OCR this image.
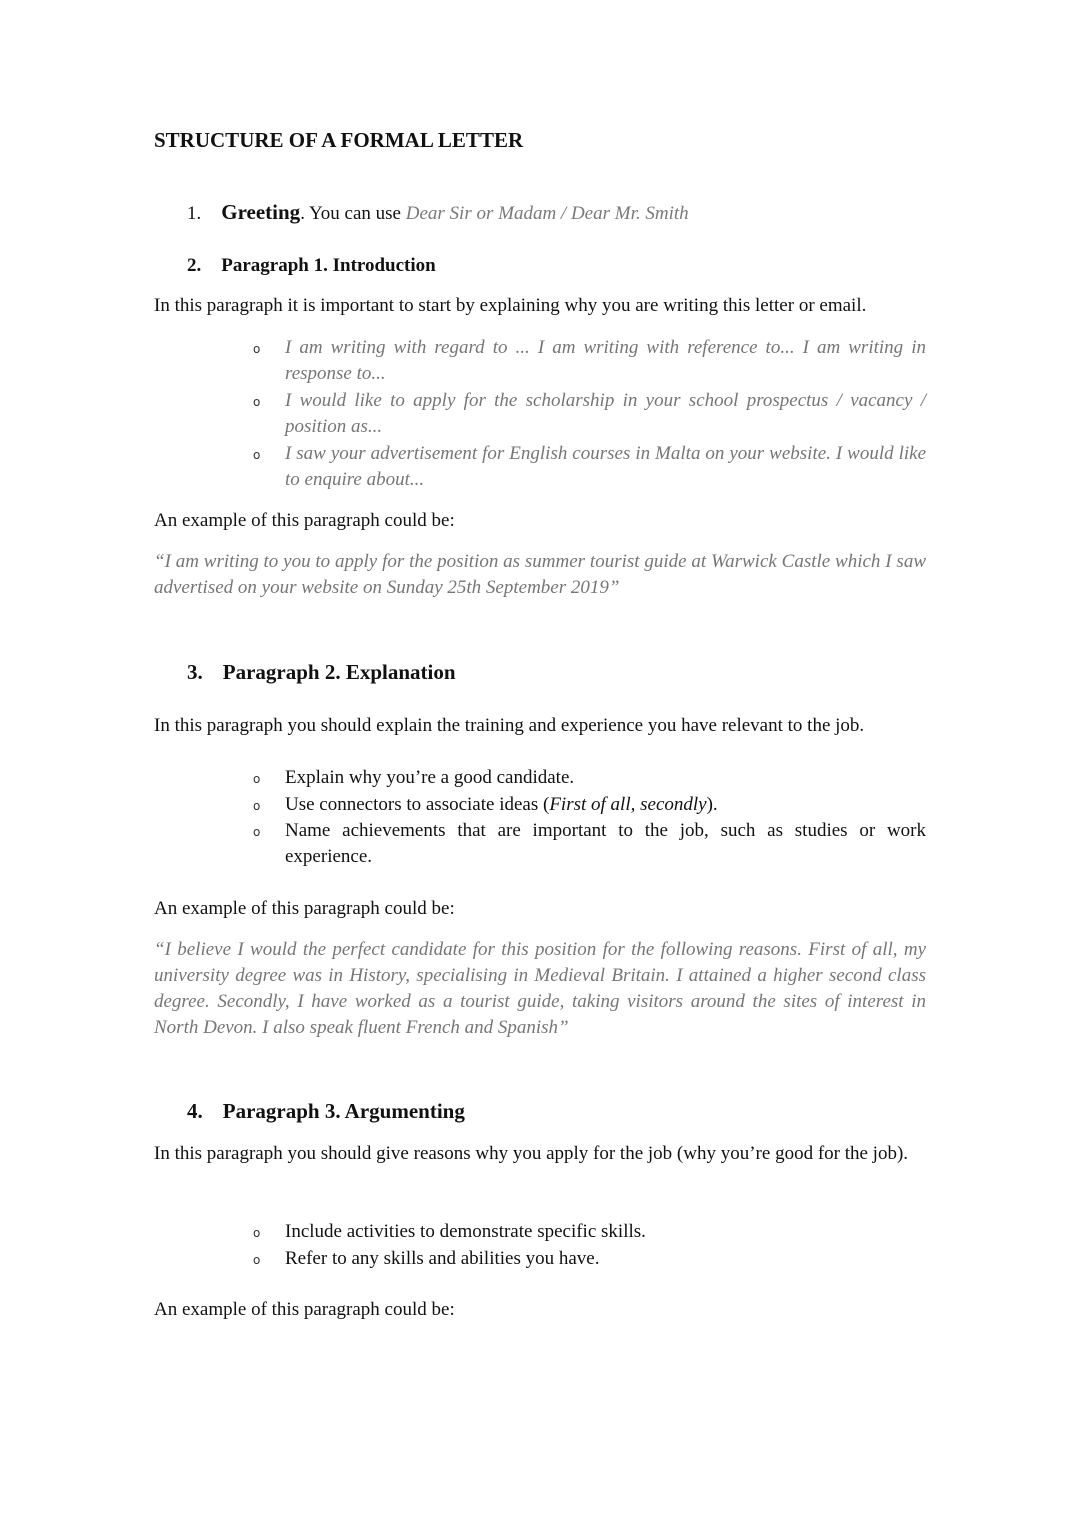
STRUCTURE OF A FORMAL LETTER
1. Greeting. You can use Dear Sir or Madam / Dear Mr. Smith
2. Paragraph 1. Introduction
In this paragraph it is important to start by explaining why you are writing this letter or email.
o I am writing with regard to ... I am writing with reference to... I am writing in response to...
o I would like to apply for the scholarship in your school prospectus / vacancy / position as...
o I saw your advertisement for English courses in Malta on your website. I would like to enquire about...
An example of this paragraph could be:
“I am writing to you to apply for the position as summer tourist guide at Warwick Castle which I saw advertised on your website on Sunday 25th September 2019”
3. Paragraph 2. Explanation
In this paragraph you should explain the training and experience you have relevant to the job.
o Explain why you’re a good candidate.
o Use connectors to associate ideas (First of all, secondly).
o Name achievements that are important to the job, such as studies or work experience.
An example of this paragraph could be:
“I believe I would the perfect candidate for this position for the following reasons. First of all, my university degree was in History, specialising in Medieval Britain. I attained a higher second class degree. Secondly, I have worked as a tourist guide, taking visitors around the sites of interest in North Devon. I also speak fluent French and Spanish”
4. Paragraph 3. Argumenting
In this paragraph you should give reasons why you apply for the job (why you’re good for the job).
o Include activities to demonstrate specific skills.
o Refer to any skills and abilities you have.
An example of this paragraph could be:
